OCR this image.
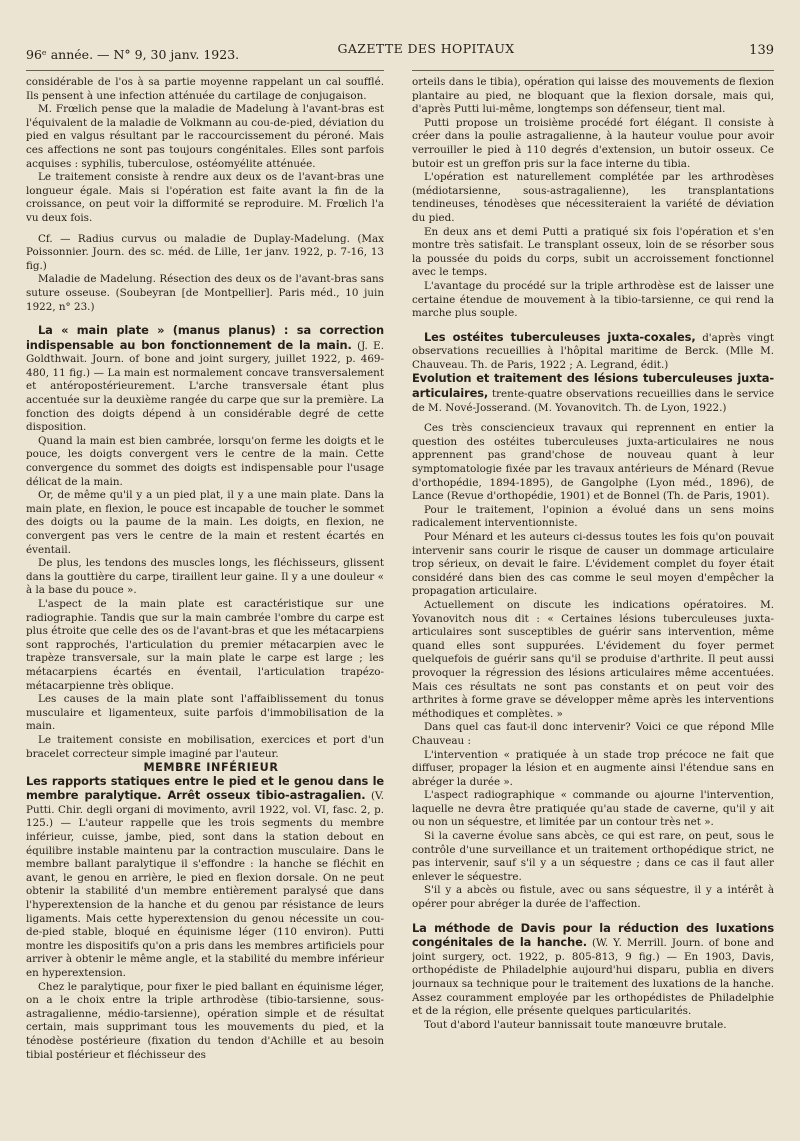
96ᵉ année. — N° 9, 30 janv. 1923.	GAZETTE DES HOPITAUX	139

considérable de l'os à sa partie moyenne rappelant un cal soufflé. Ils pensent à une infection atténuée du cartilage de conjugaison.

M. Frœlich pense que la maladie de Madelung à l'avant-bras est l'équivalent de la maladie de Volkmann au cou-de-pied, déviation du pied en valgus résultant par le raccourcissement du péroné. Mais ces affections ne sont pas toujours congénitales. Elles sont parfois acquises : syphilis, tuberculose, ostéomyélite atténuée.

Le traitement consiste à rendre aux deux os de l'avant-bras une longueur égale. Mais si l'opération est faite avant la fin de la croissance, on peut voir la difformité se reproduire. M. Frœlich l'a vu deux fois.

Cf. — Radius curvus ou maladie de Duplay-Madelung. (Max Poissonnier. Journ. des sc. méd. de Lille, 1er janv. 1922, p. 7-16, 13 fig.)

Maladie de Madelung. Résection des deux os de l'avant-bras sans suture osseuse. (Soubeyran [de Montpellier]. Paris méd., 10 juin 1922, n° 23.)

La « main plate » (manus planus) : sa correction indispensable au bon fonctionnement de la main. (J. E. Goldthwait. Journ. of bone and joint surgery, juillet 1922, p. 469-480, 11 fig.) — La main est normalement concave transversalement et antéropostérieurement. L'arche transversale étant plus accentuée sur la deuxième rangée du carpe que sur la première. La fonction des doigts dépend à un considérable degré de cette disposition.

Quand la main est bien cambrée, lorsqu'on ferme les doigts et le pouce, les doigts convergent vers le centre de la main. Cette convergence du sommet des doigts est indispensable pour l'usage délicat de la main.

Or, de même qu'il y a un pied plat, il y a une main plate. Dans la main plate, en flexion, le pouce est incapable de toucher le sommet des doigts ou la paume de la main. Les doigts, en flexion, ne convergent pas vers le centre de la main et restent écartés en éventail.

De plus, les tendons des muscles longs, les fléchisseurs, glissent dans la gouttière du carpe, tiraillent leur gaine. Il y a une douleur « à la base du pouce ».

L'aspect de la main plate est caractéristique sur une radiographie. Tandis que sur la main cambrée l'ombre du carpe est plus étroite que celle des os de l'avant-bras et que les métacarpiens sont rapprochés, l'articulation du premier métacarpien avec le trapèze transversale, sur la main plate le carpe est large ; les métacarpiens écartés en éventail, l'articulation trapézo-métacarpienne très oblique.

Les causes de la main plate sont l'affaiblissement du tonus musculaire et ligamenteux, suite parfois d'immobilisation de la main.

Le traitement consiste en mobilisation, exercices et port d'un bracelet correcteur simple imaginé par l'auteur.

MEMBRE INFÉRIEUR

Les rapports statiques entre le pied et le genou dans le membre paralytique. Arrêt osseux tibio-astragalien. (V. Putti. Chir. degli organi di movimento, avril 1922, vol. VI, fasc. 2, p. 125.) — L'auteur rappelle que les trois segments du membre inférieur, cuisse, jambe, pied, sont dans la station debout en équilibre instable maintenu par la contraction musculaire. Dans le membre ballant paralytique il s'effondre : la hanche se fléchit en avant, le genou en arrière, le pied en flexion dorsale. On ne peut obtenir la stabilité d'un membre entièrement paralysé que dans l'hyperextension de la hanche et du genou par résistance de leurs ligaments. Mais cette hyperextension du genou nécessite un cou-de-pied stable, bloqué en équinisme léger (110 environ). Putti montre les dispositifs qu'on a pris dans les membres artificiels pour arriver à obtenir le même angle, et la stabilité du membre inférieur en hyperextension.

Chez le paralytique, pour fixer le pied ballant en équinisme léger, on a le choix entre la triple arthrodèse (tibio-tarsienne, sous-astragalienne, médio-tarsienne), opération simple et de résultat certain, mais supprimant tous les mouvements du pied, et la ténodèse postérieure (fixation du tendon d'Achille et au besoin tibial postérieur et fléchisseur des

orteils dans le tibia), opération qui laisse des mouvements de flexion plantaire au pied, ne bloquant que la flexion dorsale, mais qui, d'après Putti lui-même, longtemps son défenseur, tient mal.

Putti propose un troisième procédé fort élégant. Il consiste à créer dans la poulie astragalienne, à la hauteur voulue pour avoir verrouiller le pied à 110 degrés d'extension, un butoir osseux. Ce butoir est un greffon pris sur la face interne du tibia.

L'opération est naturellement complétée par les arthrodèses (médiotarsienne, sous-astragalienne), les transplantations tendineuses, ténodèses que nécessiteraient la variété de déviation du pied.

En deux ans et demi Putti a pratiqué six fois l'opération et s'en montre très satisfait. Le transplant osseux, loin de se résorber sous la poussée du poids du corps, subit un accroissement fonctionnel avec le temps.

L'avantage du procédé sur la triple arthrodèse est de laisser une certaine étendue de mouvement à la tibio-tarsienne, ce qui rend la marche plus souple.

Les ostéites tuberculeuses juxta-coxales, d'après vingt observations recueillies à l'hôpital maritime de Berck. (Mlle M. Chauveau. Th. de Paris, 1922 ; A. Legrand, édit.)

Evolution et traitement des lésions tuberculeuses juxta-articulaires, trente-quatre observations recueillies dans le service de M. Nové-Josserand. (M. Yovanovitch. Th. de Lyon, 1922.)

Ces très consciencieux travaux qui reprennent en entier la question des ostéites tuberculeuses juxta-articulaires ne nous apprennent pas grand'chose de nouveau quant à leur symptomatologie fixée par les travaux antérieurs de Ménard (Revue d'orthopédie, 1894-1895), de Gangolphe (Lyon méd., 1896), de Lance (Revue d'orthopédie, 1901) et de Bonnel (Th. de Paris, 1901).

Pour le traitement, l'opinion a évolué dans un sens moins radicalement interventionniste.

Pour Ménard et les auteurs ci-dessus toutes les fois qu'on pouvait intervenir sans courir le risque de causer un dommage articulaire trop sérieux, on devait le faire. L'évidement complet du foyer était considéré dans bien des cas comme le seul moyen d'empêcher la propagation articulaire.

Actuellement on discute les indications opératoires. M. Yovanovitch nous dit : « Certaines lésions tuberculeuses juxta-articulaires sont susceptibles de guérir sans intervention, même quand elles sont suppurées. L'évidement du foyer permet quelquefois de guérir sans qu'il se produise d'arthrite. Il peut aussi provoquer la régression des lésions articulaires même accentuées. Mais ces résultats ne sont pas constants et on peut voir des arthrites à forme grave se développer même après les interventions méthodiques et complètes. »

Dans quel cas faut-il donc intervenir? Voici ce que répond Mlle Chauveau :

L'intervention « pratiquée à un stade trop précoce ne fait que diffuser, propager la lésion et en augmente ainsi l'étendue sans en abréger la durée ».

L'aspect radiographique « commande ou ajourne l'intervention, laquelle ne devra être pratiquée qu'au stade de caverne, qu'il y ait ou non un séquestre, et limitée par un contour très net ».

Si la caverne évolue sans abcès, ce qui est rare, on peut, sous le contrôle d'une surveillance et un traitement orthopédique strict, ne pas intervenir, sauf s'il y a un séquestre ; dans ce cas il faut aller enlever le séquestre.

S'il y a abcès ou fistule, avec ou sans séquestre, il y a intérêt à opérer pour abréger la durée de l'affection.

La méthode de Davis pour la réduction des luxations congénitales de la hanche. (W. Y. Merrill. Journ. of bone and joint surgery, oct. 1922, p. 805-813, 9 fig.) — En 1903, Davis, orthopédiste de Philadelphie aujourd'hui disparu, publia en divers journaux sa technique pour le traitement des luxations de la hanche. Assez couramment employée par les orthopédistes de Philadelphie et de la région, elle présente quelques particularités.

Tout d'abord l'auteur bannissait toute manœuvre brutale.
